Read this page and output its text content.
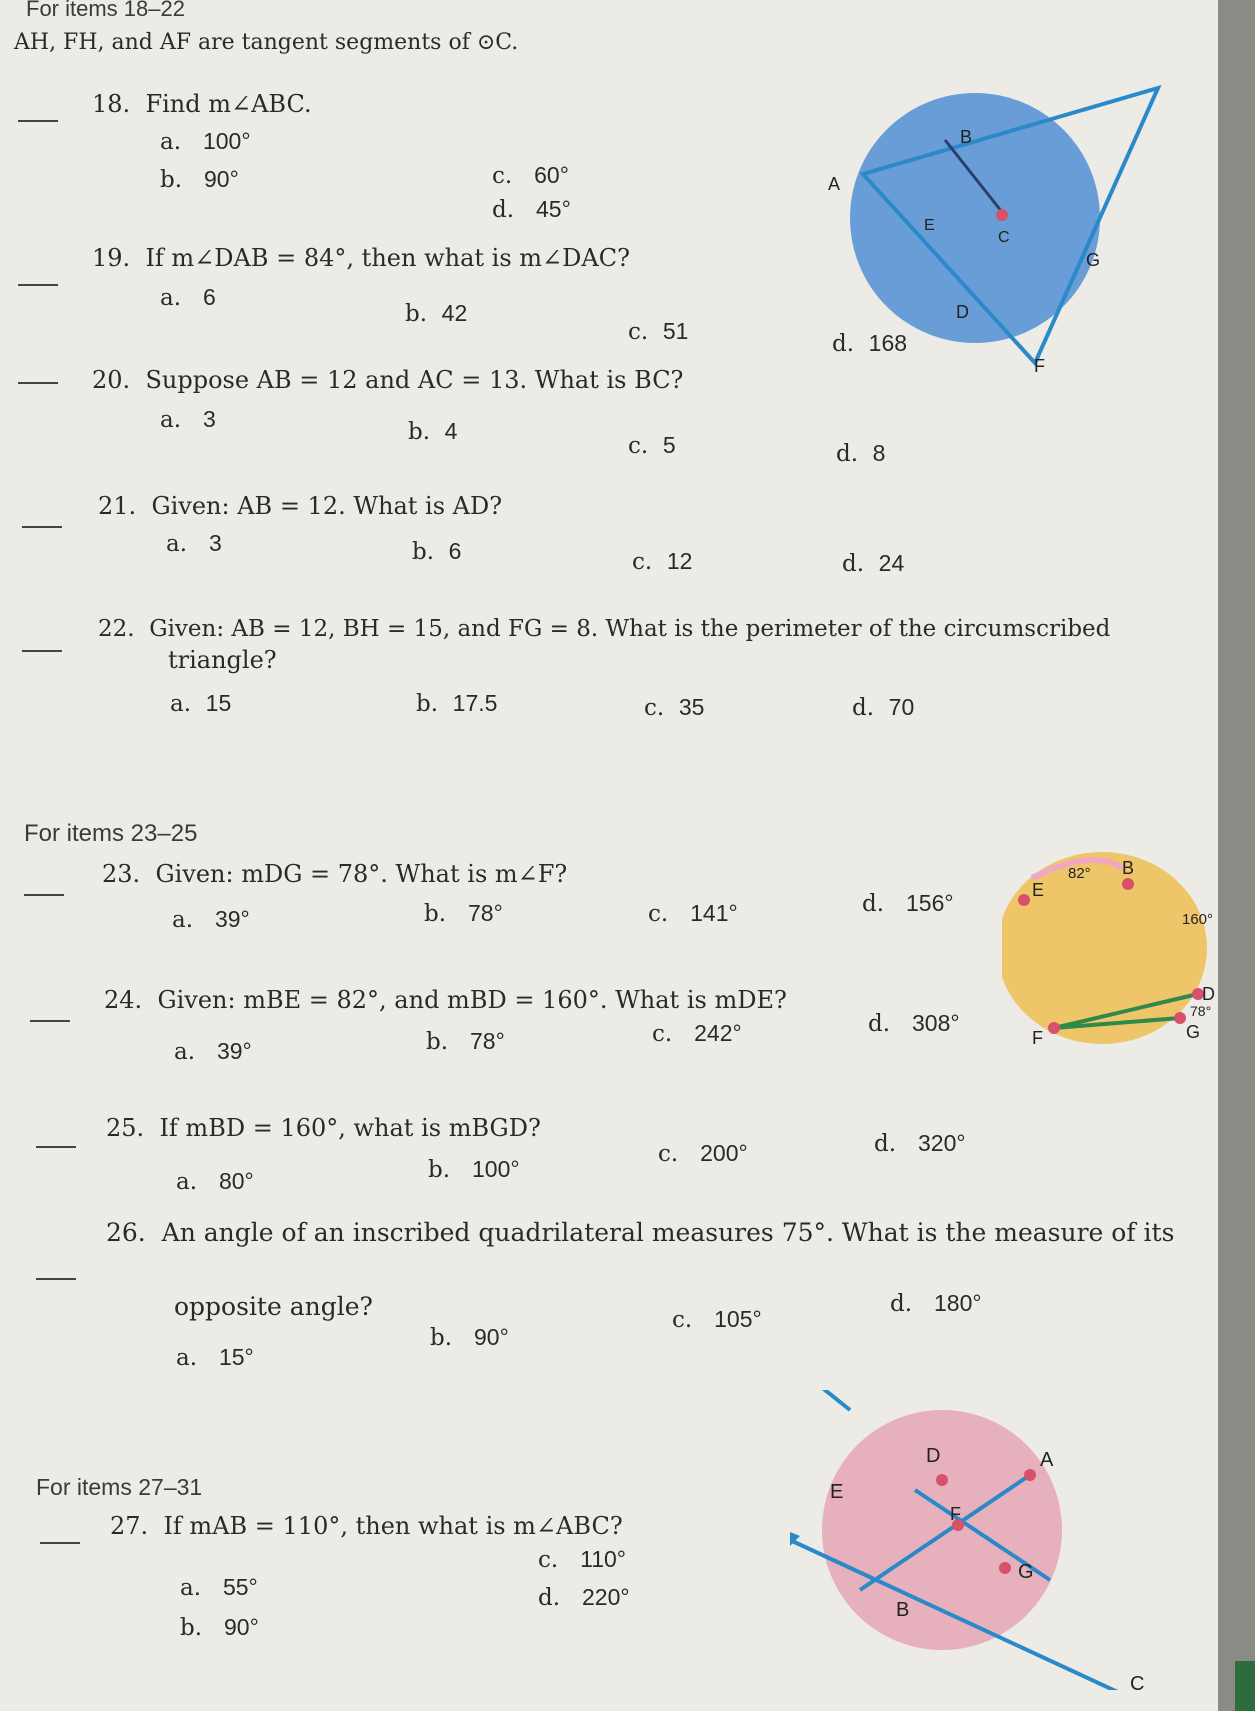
For items 18–22
AH, FH, and AF are tangent segments of ⊙C.
18. Find m∠ABC.
a. 100°
b. 90°	c. 60°
d. 45°
19. If m∠DAB = 84°, then what is m∠DAC?
a. 6
b. 42
c. 51	d. 168
20. Suppose AB = 12 and AC = 13. What is BC?
a. 3	b. 4
c. 5	d. 8
21. Given: AB = 12. What is AD?
a. 3	b. 6	c. 12	d. 24
22. Given: AB = 12, BH = 15, and FG = 8. What is the perimeter of the circumscribed
triangle?
a. 15	b. 17.5	c. 35	d. 70
B
A
E
C
G
D
F
For items 23–25
23. Given: mDG = 78°. What is m∠F?
a. 39°	b. 78°	c. 141°	d. 156°
24. Given: mBE = 82°, and mBD = 160°. What is mDE?
a. 39°	b. 78°	c. 242°	d. 308°
82° B
E
160°
D
78°
G
F
25. If mBD = 160°, what is mBGD?
a. 80°	b. 100°
c. 200°	d. 320°
26. An angle of an inscribed quadrilateral measures 75°. What is the measure of its
opposite angle?
a. 15°
b. 90°
c. 105°
d. 180°
For items 27–31
27. If mAB = 110°, then what is m∠ABC?
a. 55°
b. 90°
c. 110°
d. 220°
D	A
E
F
G
B
C
